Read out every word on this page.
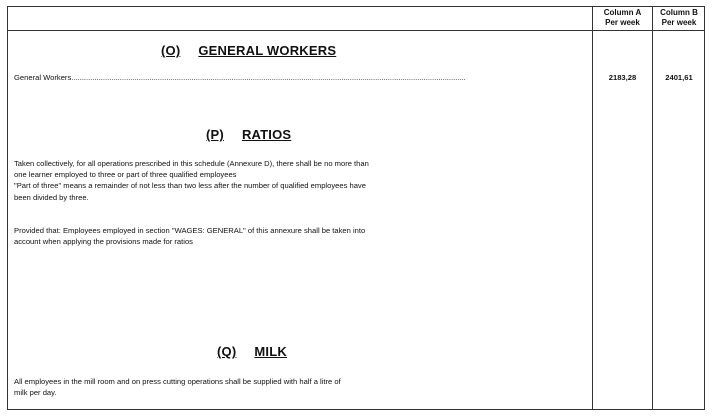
Column A
Per week
Column B
Per week
(O) GENERAL WORKERS
General Workers...........................................................................................................................................................................................	2183,28	2401,61
(P) RATIOS

Taken collectively, for all operations prescribed in this schedule (Annexure D), there shall be no more than

one learner employed to three or part of three qualified employees

"Part of three" means a remainder of not less than two less after the number of qualified employees have

been divided by three.

Provided that: Employees employed in section "WAGES: GENERAL" of this annexure shall be taken into

account when applying the provisions made for ratios

(Q) MILK

All employees in the mill room and on press cutting operations shall be supplied with half a litre of

milk per day.
